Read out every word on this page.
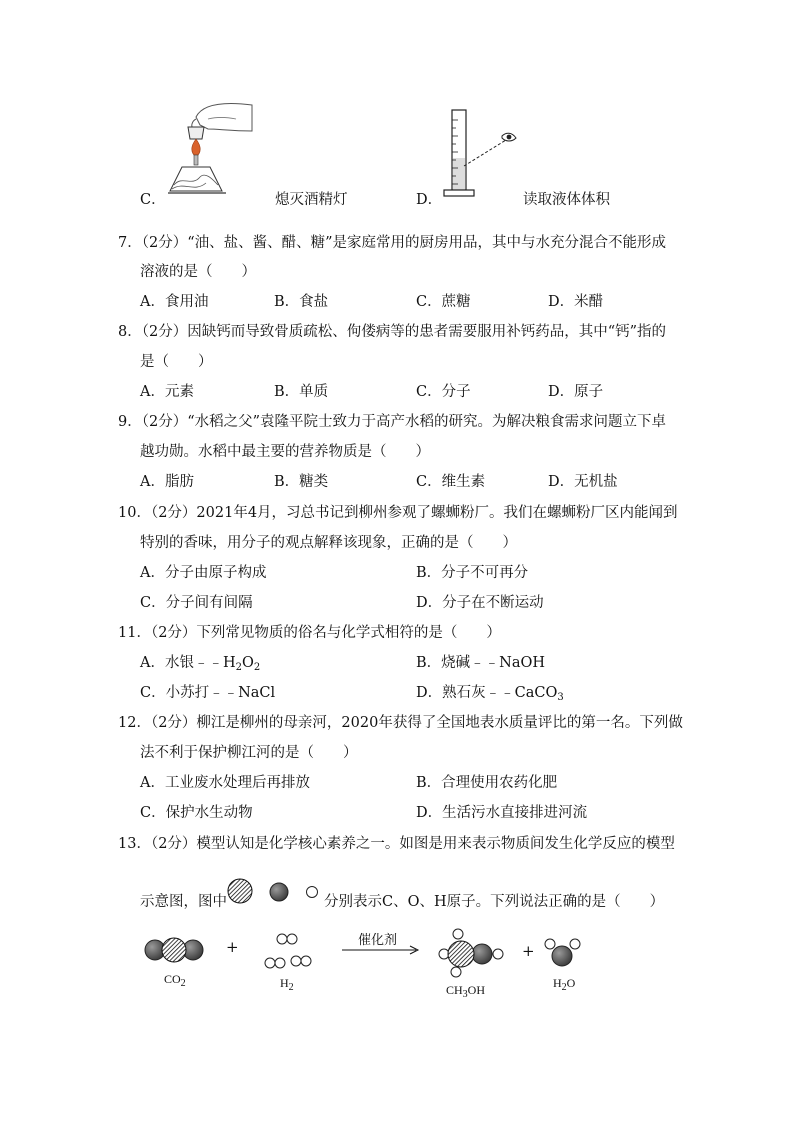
C．	熄灭酒精灯	D．	读取液体体积
7．（2分）“油、盐、酱、醋、糖”是家庭常用的厨房用品，其中与水充分混合不能形成
溶液的是（　　）
A．食用油	B．食盐	C．蔗糖	D．米醋
8．（2分）因缺钙而导致骨质疏松、佝偻病等的患者需要服用补钙药品，其中“钙”指的
是（　　）
A．元素	B．单质	C．分子	D．原子
9．（2分）“水稻之父”袁隆平院士致力于高产水稻的研究。为解决粮食需求问题立下卓
越功勋。水稻中最主要的营养物质是（　　）
A．脂肪	B．糖类	C．维生素	D．无机盐
10．（2分）2021年4月，习总书记到柳州参观了螺蛳粉厂。我们在螺蛳粉厂区内能闻到
特别的香味，用分子的观点解释该现象，正确的是（　　）
A．分子由原子构成	B．分子不可再分
C．分子间有间隔	D．分子在不断运动
11．（2分）下列常见物质的俗名与化学式相符的是（　　）
A．水银$﹣﹣H_2O_2$	B．烧碱﹣﹣NaOH
C．小苏打﹣﹣NaCl	D．熟石灰﹣﹣CaCO$_3$
12．（2分）柳江是柳州的母亲河，2020年获得了全国地表水质量评比的第一名。下列做
法不利于保护柳江河的是（　　）
A．工业废水处理后再排放	B．合理使用农药化肥
C．保护水生动物	D．生活污水直接排进河流
13．（2分）模型认知是化学核心素养之一。如图是用来表示物质间发生化学反应的模型
示意图，图中	分别表示C、O、H原子。下列说法正确的是（　　）
$CO_2$
+
$H_2$
催化剂
$CH_3OH$
+
$H_2O$
